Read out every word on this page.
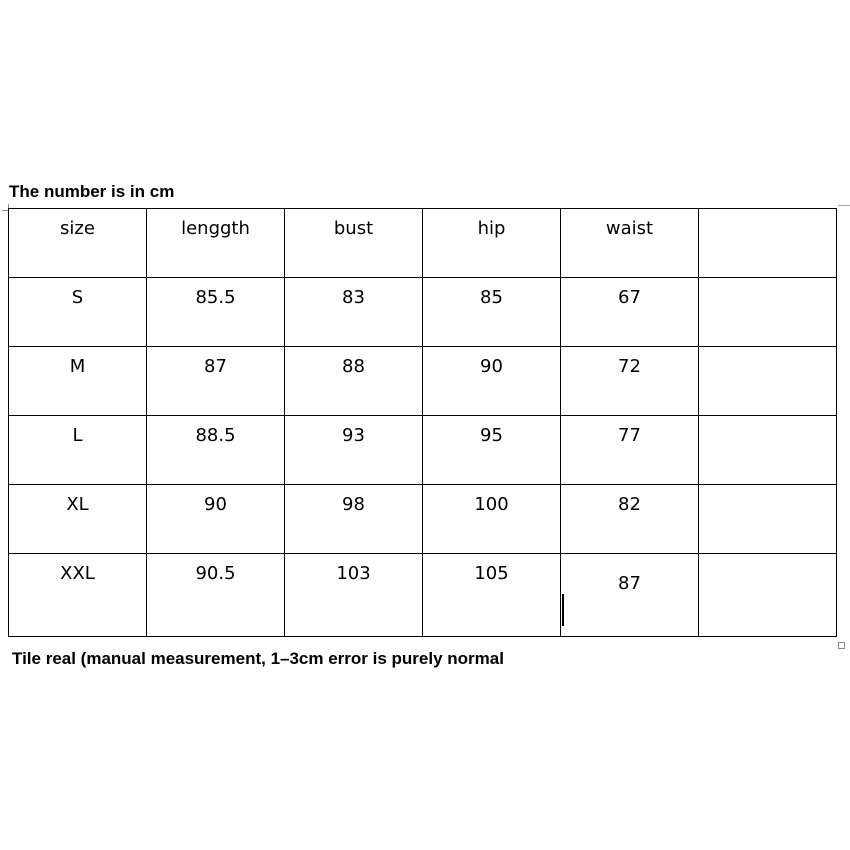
The number is in cm
size	lenggth	bust	hip	waist	

S	85.5	83	85	67	

M	87	88	90	72	

L	88.5	93	95	77	

XL	90	98	100	82	

XXL	90.5	103	105	87	

Tile real (manual measurement, 1–3cm error is purely normal
